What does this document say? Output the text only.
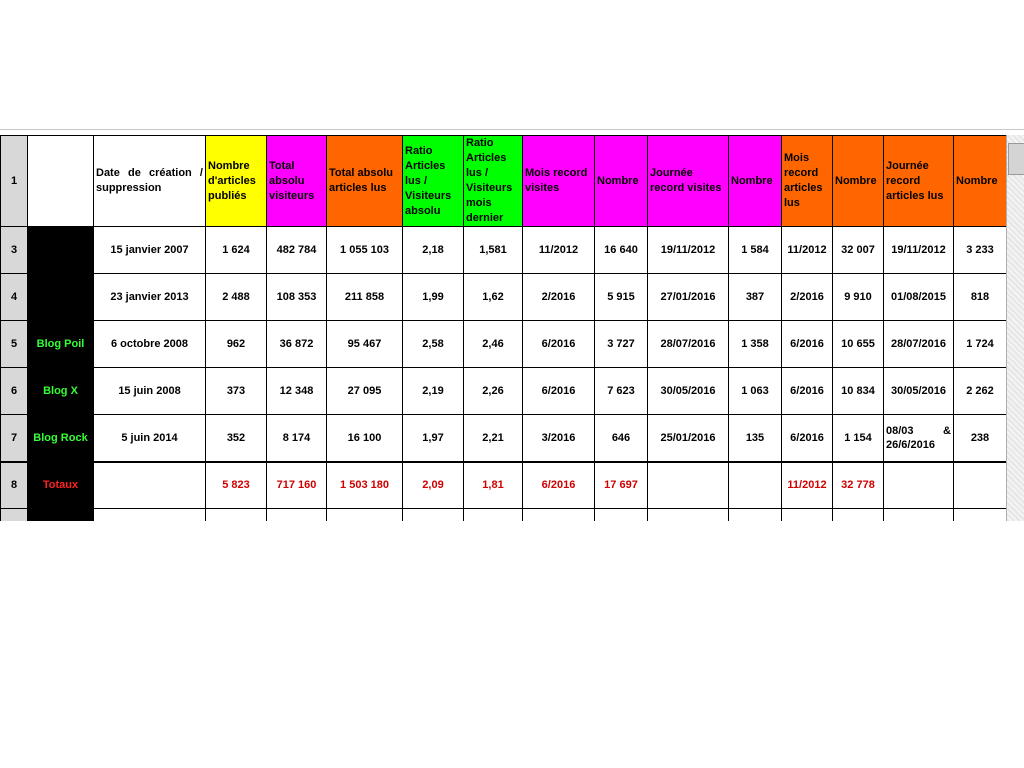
1		Date de création / suppression	Nombre d'articles publiés	Total absolu visiteurs	Total absolu articles lus	Ratio Articles lus / Visiteurs absolu	Ratio Articles lus / Visiteurs mois dernier	Mois record visites	Nombre	Journée record visites	Nombre	Mois record articles lus	Nombre	Journée record articles lus	Nombre
3	OverBlog	15 janvier 2007	1 624	482 784	1 055 103	2,18	1,581	11/2012	16 640	19/11/2012	1 584	11/2012	32 007	19/11/2012	3 233
4	CanalBlog	23 janvier 2013	2 488	108 353	211 858	1,99	1,62	2/2016	5 915	27/01/2016	387	2/2016	9 910	01/08/2015	818
5	Blog Poil	6 octobre 2008	962	36 872	95 467	2,58	2,46	6/2016	3 727	28/07/2016	1 358	6/2016	10 655	28/07/2016	1 724
6	Blog X	15 juin 2008	373	12 348	27 095	2,19	2,26	6/2016	7 623	30/05/2016	1 063	6/2016	10 834	30/05/2016	2 262
7	Blog Rock	5 juin 2014	352	8 174	16 100	1,97	2,21	3/2016	646	25/01/2016	135	6/2016	1 154	08/03 & 26/6/2016	238
8	Totaux		5 823	717 160	1 503 180	2,09	1,81	6/2016	17 697			11/2012	32 778		
